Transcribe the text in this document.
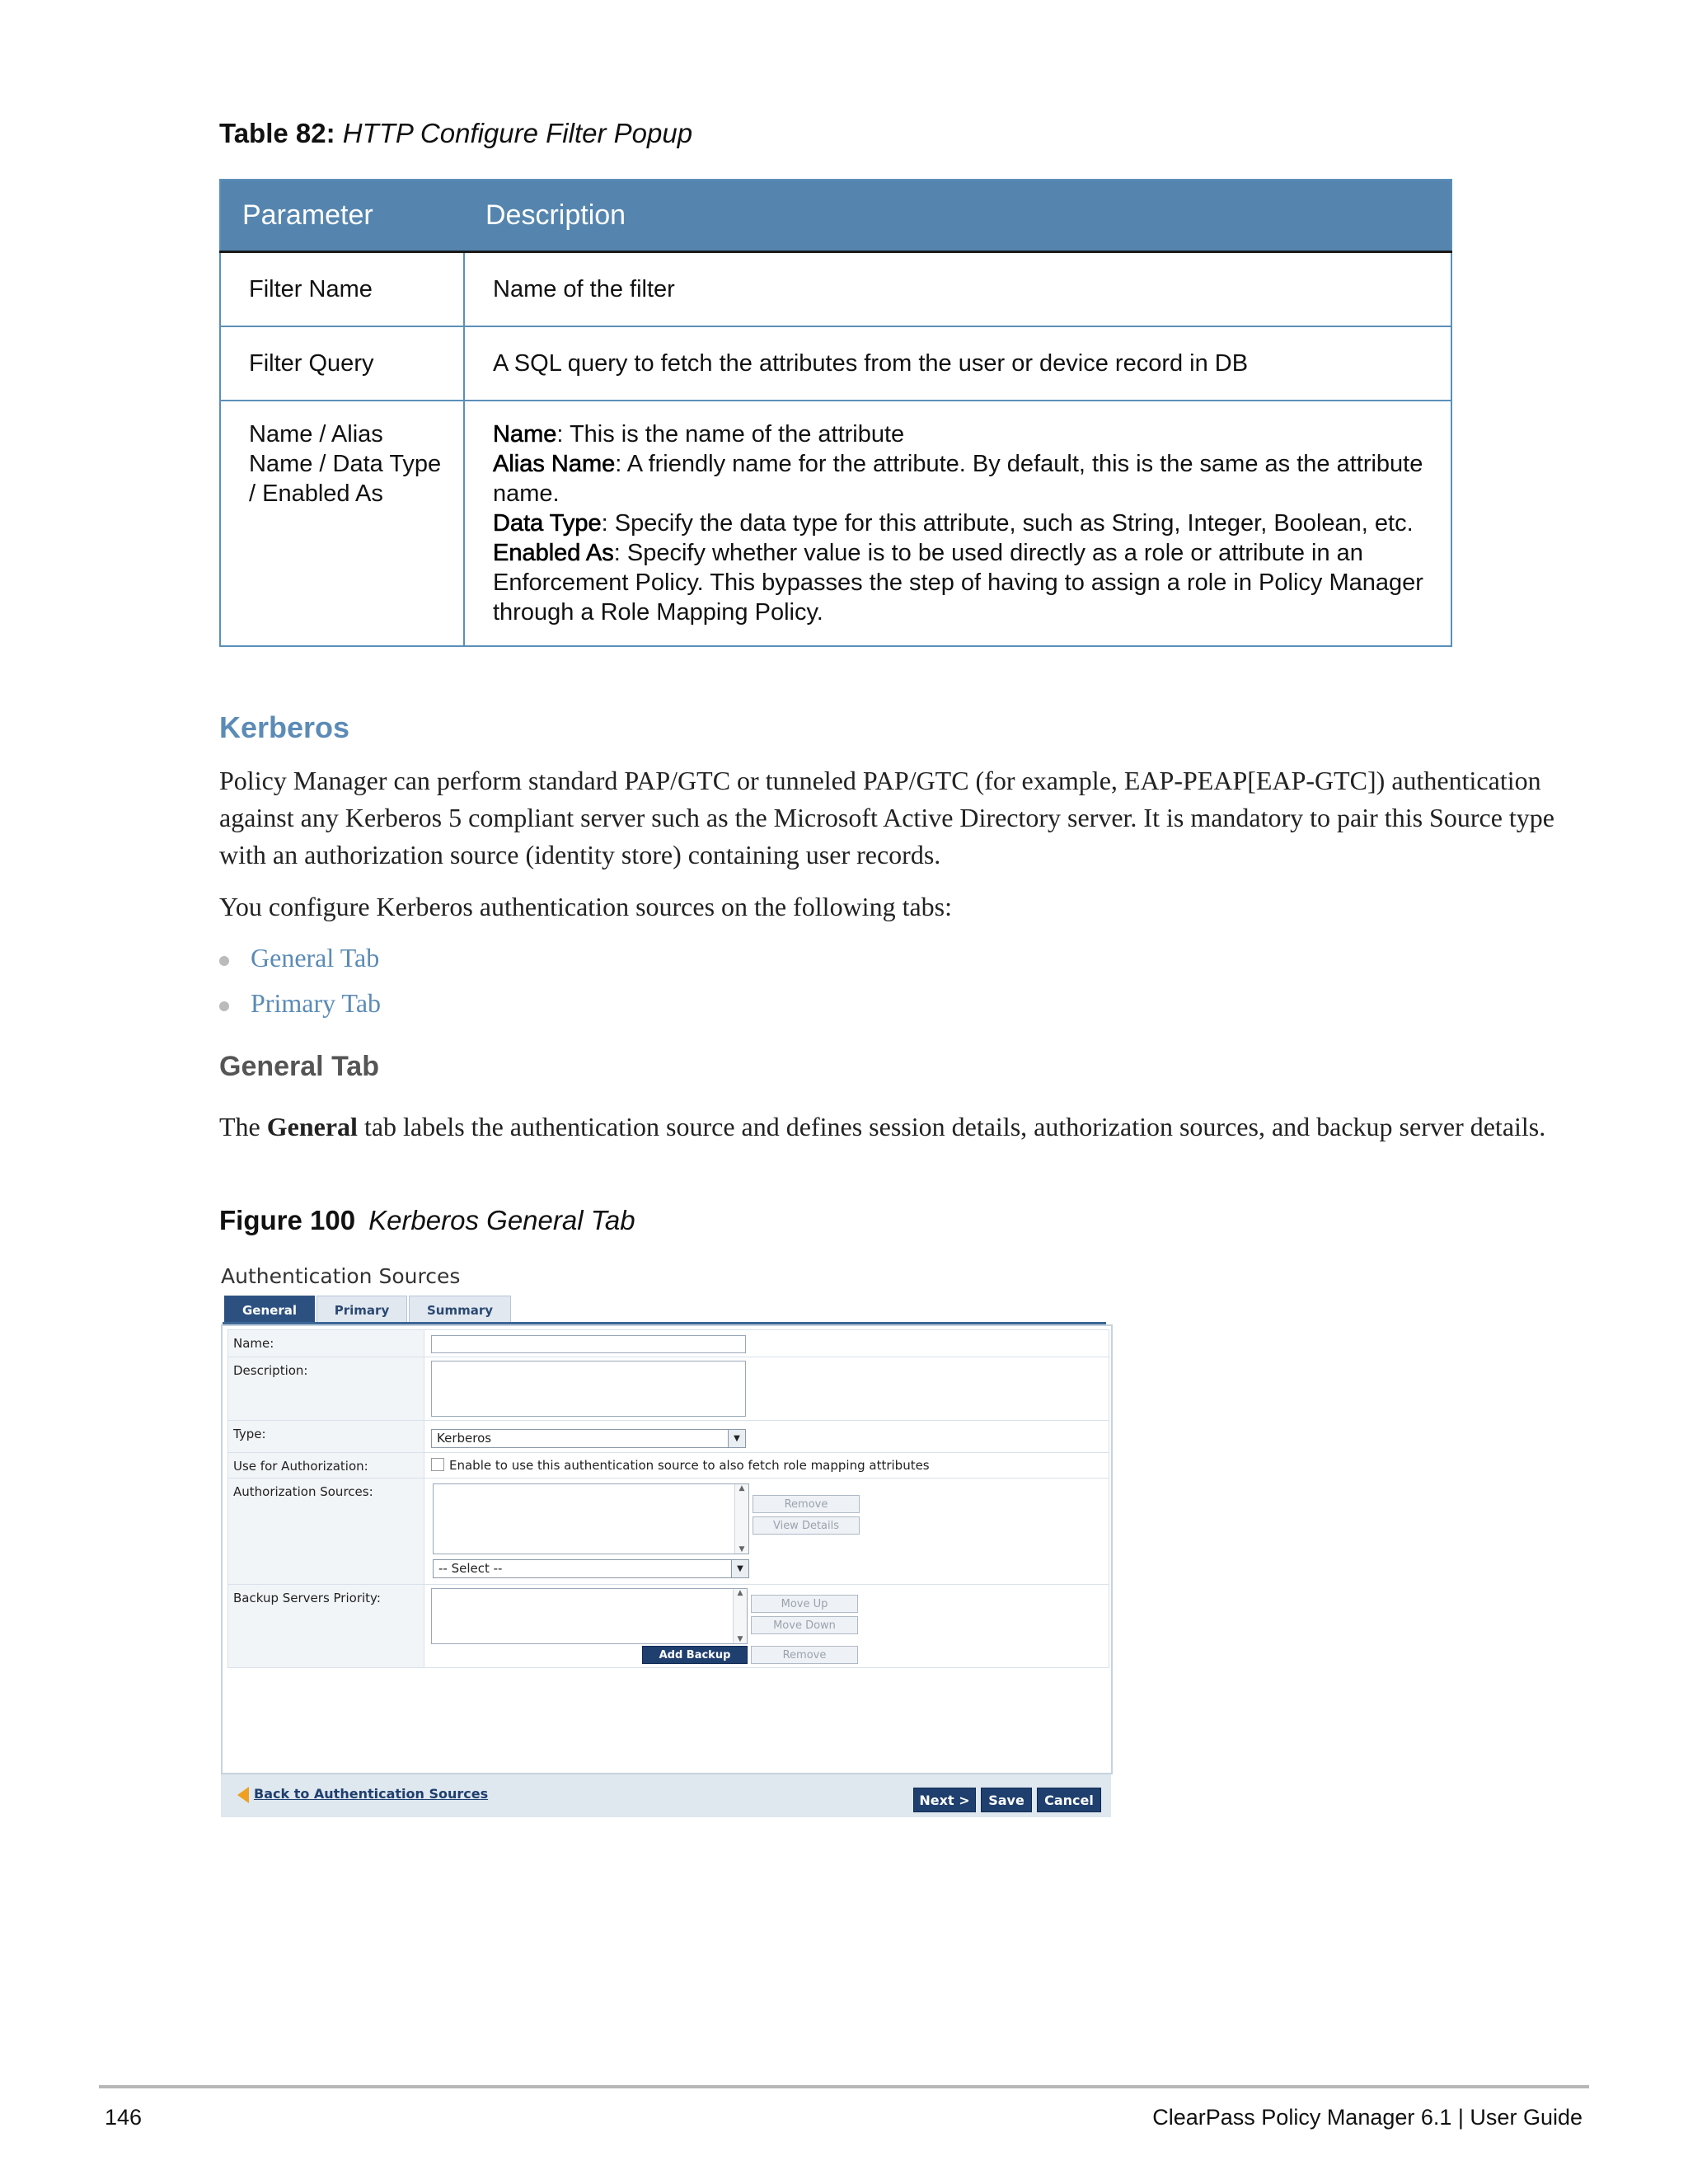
Table 82: HTTP Configure Filter Popup
Parameter	Description
Filter Name	Name of the filter
Filter Query	A SQL query to fetch the attributes from the user or device record in DB
Name / Alias Name / Data Type / Enabled As	Name: This is the name of the attribute
Alias Name: A friendly name for the attribute. By default, this is the same as the attribute name.
Data Type: Specify the data type for this attribute, such as String, Integer, Boolean, etc.
Enabled As: Specify whether value is to be used directly as a role or attribute in an Enforcement Policy. This bypasses the step of having to assign a role in Policy Manager through a Role Mapping Policy.
Kerberos
Policy Manager can perform standard PAP/GTC or tunneled PAP/GTC (for example, EAP-PEAP[EAP-GTC]) authentication against any Kerberos 5 compliant server such as the Microsoft Active Directory server. It is mandatory to pair this Source type with an authorization source (identity store) containing user records.
You configure Kerberos authentication sources on the following tabs:
General Tab
Primary Tab
General Tab
The General tab labels the authentication source and defines session details, authorization sources, and backup server details.
Figure 100 Kerberos General Tab
Authentication Sources
General	Primary	Summary
Name:
Description:
Type:	Kerberos	▼
Use for Authorization:	Enable to use this authentication source to also fetch role mapping attributes
Authorization Sources:	▲
▼
Remove
View Details
-- Select --	▼
Backup Servers Priority:	▲
▼
Move Up
Move Down
Add Backup	Remove
Back to Authentication Sources	Next >	Save	Cancel
146	ClearPass Policy Manager 6.1 | User Guide
